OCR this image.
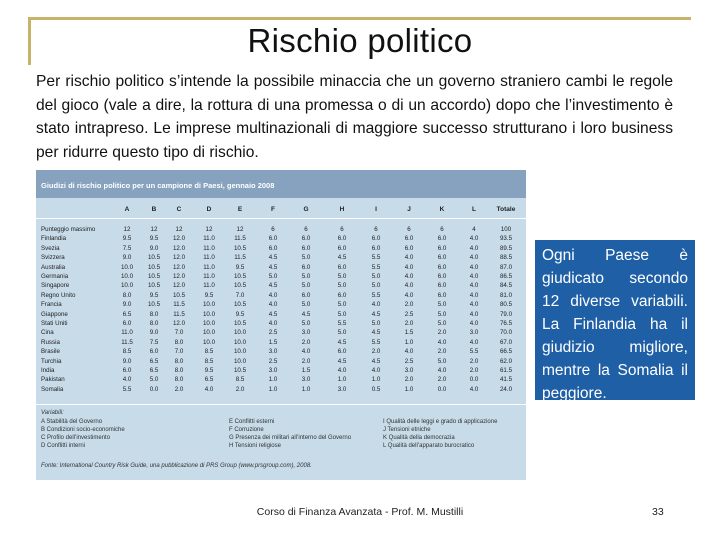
Rischio politico
Per rischio politico s’intende la possibile minaccia che un governo straniero cambi le regole del gioco (vale a dire, la rottura di una promessa o di un accordo) dopo che l’investimento è stato intrapreso. Le imprese multinazionali di maggiore successo strutturano i loro business per ridurre questo tipo di rischio.
Giudizi di rischio politico per un campione di Paesi, gennaio 2008
A	B	C	D	E	F	G	H	I	J	K	L	Totale
Punteggio massimo	12	12	12	12	12	6	6	6	6	6	6	4	100
Finlandia	9.5	9.5	12.0	11.0	11.5	6.0	6.0	6.0	6.0	6.0	6.0	4.0	93.5
Svezia	7.5	9.0	12.0	11.0	10.5	6.0	6.0	6.0	6.0	6.0	6.0	4.0	89.5
Svizzera	9.0	10.5	12.0	11.0	11.5	4.5	5.0	4.5	5.5	4.0	6.0	4.0	88.5
Australia	10.0	10.5	12.0	11.0	9.5	4.5	6.0	6.0	5.5	4.0	6.0	4.0	87.0
Germania	10.0	10.5	12.0	11.0	10.5	5.0	5.0	5.0	5.0	4.0	6.0	4.0	86.5
Singapore	10.0	10.5	12.0	11.0	10.5	4.5	5.0	5.0	5.0	4.0	6.0	4.0	84.5
Regno Unito	8.0	9.5	10.5	9.5	7.0	4.0	6.0	6.0	5.5	4.0	6.0	4.0	81.0
Francia	9.0	10.5	11.5	10.0	10.5	4.0	5.0	5.0	4.0	2.0	5.0	4.0	80.5
Giappone	6.5	8.0	11.5	10.0	9.5	4.5	4.5	5.0	4.5	2.5	5.0	4.0	79.0
Stati Uniti	6.0	8.0	12.0	10.0	10.5	4.0	5.0	5.5	5.0	2.0	5.0	4.0	76.5
Cina	11.0	9.0	7.0	10.0	10.0	2.5	3.0	5.0	4.5	1.5	2.0	3.0	70.0
Russia	11.5	7.5	8.0	10.0	10.0	1.5	2.0	4.5	5.5	1.0	4.0	4.0	67.0
Brasile	8.5	6.0	7.0	8.5	10.0	3.0	4.0	6.0	2.0	4.0	2.0	5.5	66.5
Turchia	9.0	6.5	8.0	8.5	10.0	2.5	2.0	4.5	4.5	2.5	5.0	2.0	62.0
India	6.0	6.5	8.0	9.5	10.5	3.0	1.5	4.0	4.0	3.0	4.0	2.0	61.5
Pakistan	4.0	5.0	8.0	6.5	8.5	1.0	3.0	1.0	1.0	2.0	2.0	0.0	41.5
Somalia	5.5	0.0	2.0	4.0	2.0	1.0	1.0	3.0	0.5	1.0	0.0	4.0	24.0
Variabili:
A Stabilità del Governo
B Condizioni socio-economiche
C Profilo dell’investimento
D Conflitti interni
E Conflitti esterni
F Corruzione
G Presenza dei militari all’interno del Governo
H Tensioni religiose
I Qualità delle leggi e grado di applicazione
J Tensioni etniche
K Qualità della democrazia
L Qualità dell’apparato burocratico
Fonte: International Country Risk Guide, una pubblicazione di PRS Group (www.prsgroup.com), 2008.
Ogni Paese è giudicato secondo 12 diverse variabili. La Finlandia ha il giudizio migliore, mentre la Somalia il peggiore.
Corso di Finanza Avanzata - Prof. M. Mustilli	33
